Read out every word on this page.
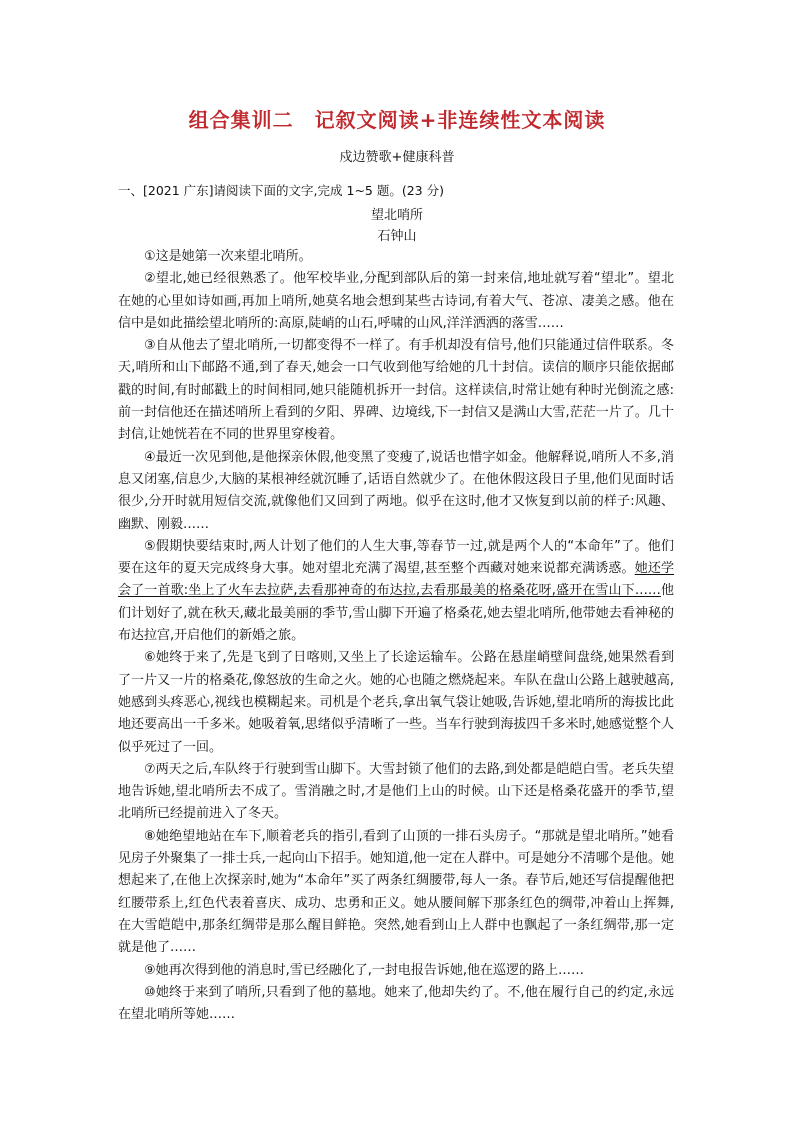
组合集训二　记叙文阅读+非连续性文本阅读
戍边赞歌+健康科普
一、[2021 广东]请阅读下面的文字,完成 1~5 题。(23 分)
望北哨所
石钟山

①这是她第一次来望北哨所。

②望北,她已经很熟悉了。他军校毕业,分配到部队后的第一封来信,地址就写着“望北”。望北在她的心里如诗如画,再加上哨所,她莫名地会想到某些古诗词,有着大气、苍凉、凄美之感。他在信中是如此描绘望北哨所的:高原,陡峭的山石,呼啸的山风,洋洋洒洒的落雪……

③自从他去了望北哨所,一切都变得不一样了。有手机却没有信号,他们只能通过信件联系。冬天,哨所和山下邮路不通,到了春天,她会一口气收到他写给她的几十封信。读信的顺序只能依据邮戳的时间,有时邮戳上的时间相同,她只能随机拆开一封信。这样读信,时常让她有种时光倒流之感:前一封信他还在描述哨所上看到的夕阳、界碑、边境线,下一封信又是满山大雪,茫茫一片了。几十封信,让她恍若在不同的世界里穿梭着。

④最近一次见到他,是他探亲休假,他变黑了变瘦了,说话也惜字如金。他解释说,哨所人不多,消息又闭塞,信息少,大脑的某根神经就沉睡了,话语自然就少了。在他休假这段日子里,他们见面时话很少,分开时就用短信交流,就像他们又回到了两地。似乎在这时,他才又恢复到以前的样子:风趣、幽默、刚毅……

⑤假期快要结束时,两人计划了他们的人生大事,等春节一过,就是两个人的“本命年”了。他们要在这年的夏天完成终身大事。她对望北充满了渴望,甚至整个西藏对她来说都充满诱惑。她还学会了一首歌:坐上了火车去拉萨,去看那神奇的布达拉,去看那最美的格桑花呀,盛开在雪山下……他们计划好了,就在秋天,藏北最美丽的季节,雪山脚下开遍了格桑花,她去望北哨所,他带她去看神秘的布达拉宫,开启他们的新婚之旅。

⑥她终于来了,先是飞到了日喀则,又坐上了长途运输车。公路在悬崖峭壁间盘绕,她果然看到了一片又一片的格桑花,像怒放的生命之火。她的心也随之燃烧起来。车队在盘山公路上越驶越高,她感到头疼恶心,视线也模糊起来。司机是个老兵,拿出氧气袋让她吸,告诉她,望北哨所的海拔比此地还要高出一千多米。她吸着氧,思绪似乎清晰了一些。当车行驶到海拔四千多米时,她感觉整个人似乎死过了一回。

⑦两天之后,车队终于行驶到雪山脚下。大雪封锁了他们的去路,到处都是皑皑白雪。老兵失望地告诉她,望北哨所去不成了。雪消融之时,才是他们上山的时候。山下还是格桑花盛开的季节,望北哨所已经提前进入了冬天。

⑧她绝望地站在车下,顺着老兵的指引,看到了山顶的一排石头房子。“那就是望北哨所。”她看见房子外聚集了一排士兵,一起向山下招手。她知道,他一定在人群中。可是她分不清哪个是他。她想起来了,在他上次探亲时,她为“本命年”买了两条红绸腰带,每人一条。春节后,她还写信提醒他把红腰带系上,红色代表着喜庆、成功、忠勇和正义。她从腰间解下那条红色的绸带,冲着山上挥舞,在大雪皑皑中,那条红绸带是那么醒目鲜艳。突然,她看到山上人群中也飘起了一条红绸带,那一定就是他了……

⑨她再次得到他的消息时,雪已经融化了,一封电报告诉她,他在巡逻的路上……

⑩她终于来到了哨所,只看到了他的墓地。她来了,他却失约了。不,他在履行自己的约定,永远在望北哨所等她……
